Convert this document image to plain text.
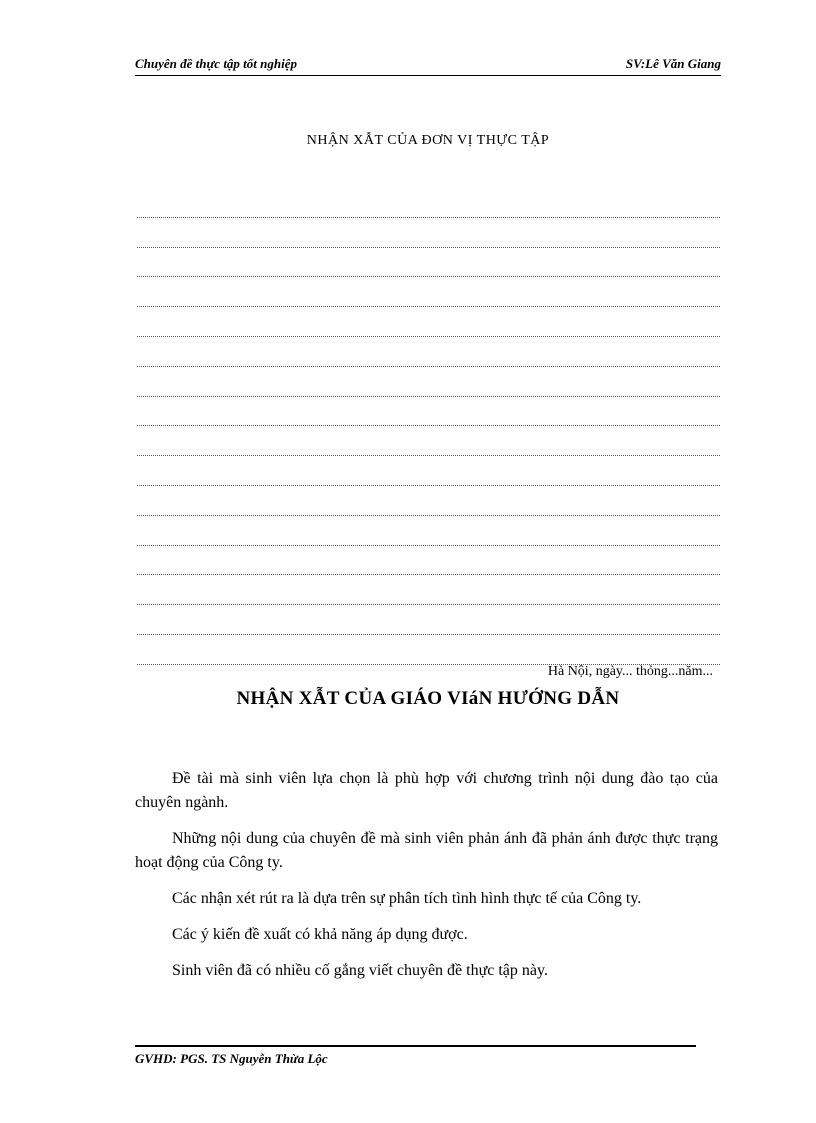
Chuyên đề thực tập tốt nghiệp	SV:Lê Văn Giang
NHẬN XẪT CỦA ĐƠN VỊ THỰC TẬP
Hà Nội, ngày... thỏng...năm...
NHẬN XẪT CỦA GIÁO VIáN HƯỚNG DẪN

Đề tài mà sinh viên lựa chọn là phù hợp với chương trình nội dung đào tạo của chuyên ngành.

Những nội dung của chuyên đề mà sinh viên phản ánh đã phản ánh được thực trạng hoạt động của Công ty.

Các nhận xét rút ra là dựa trên sự phân tích tình hình thực tế của Công ty.

Các ý kiến đề xuất có khả năng áp dụng được.

Sinh viên đã có nhiều cố gắng viết chuyên đề thực tập này.

GVHD: PGS. TS Nguyễn Thừa Lộc
